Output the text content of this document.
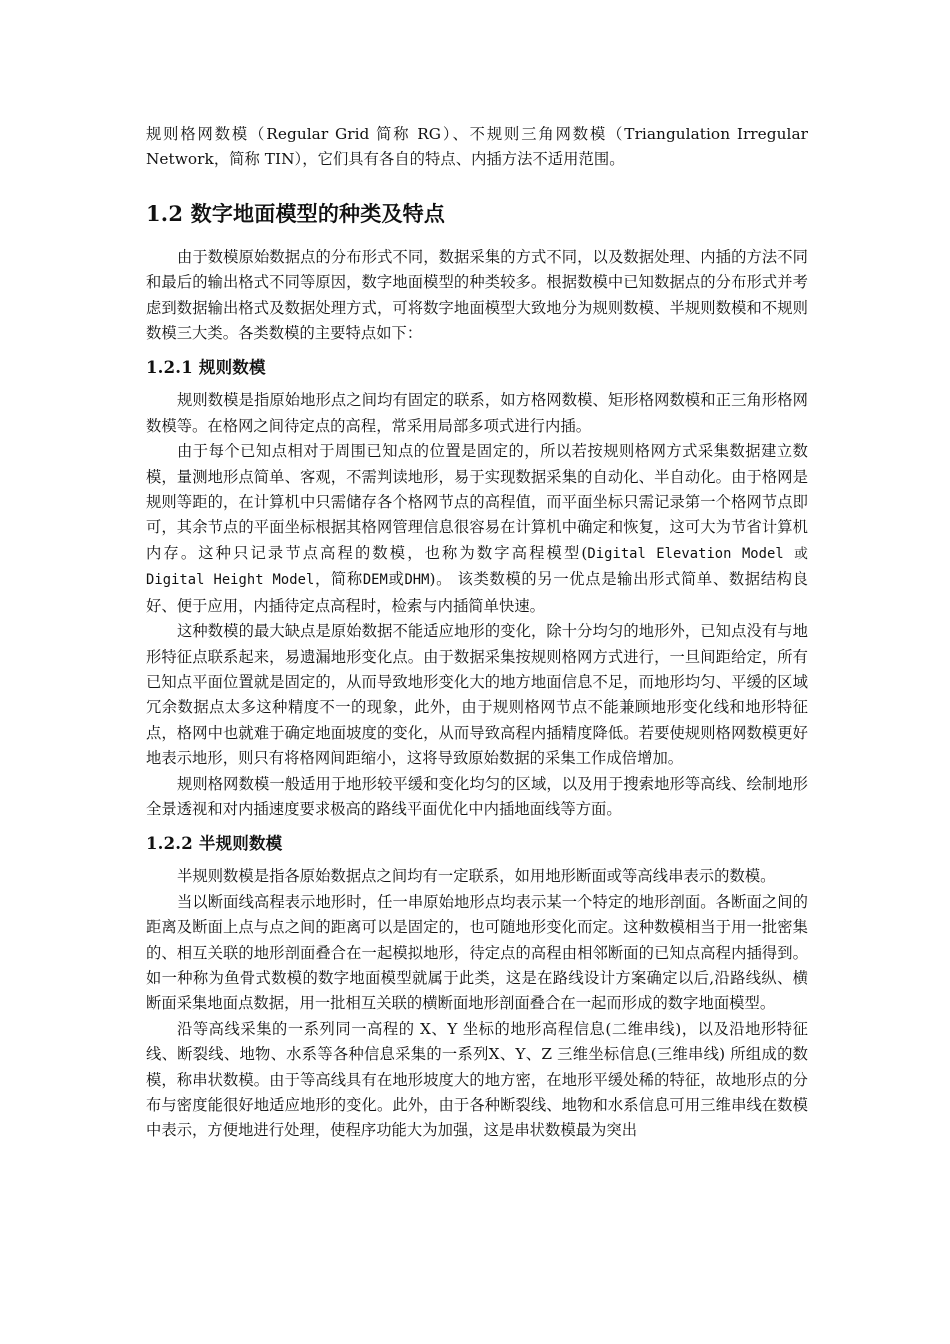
规则格网数模（Regular Grid 简称 RG）、不规则三角网数模（Triangulation Irregular Network，简称 TIN），它们具有各自的特点、内插方法不适用范围。

1.2 数字地面模型的种类及特点

由于数模原始数据点的分布形式不同，数据采集的方式不同，以及数据处理、内插的方法不同和最后的输出格式不同等原因，数字地面模型的种类较多。根据数模中已知数据点的分布形式并考虑到数据输出格式及数据处理方式，可将数字地面模型大致地分为规则数模、半规则数模和不规则数模三大类。各类数模的主要特点如下：

1.2.1 规则数模

规则数模是指原始地形点之间均有固定的联系，如方格网数模、矩形格网数模和正三角形格网数模等。在格网之间待定点的高程，常采用局部多项式进行内插。

由于每个已知点相对于周围已知点的位置是固定的，所以若按规则格网方式采集数据建立数模，量测地形点简单、客观，不需判读地形，易于实现数据采集的自动化、半自动化。由于格网是规则等距的，在计算机中只需储存各个格网节点的高程值，而平面坐标只需记录第一个格网节点即可，其余节点的平面坐标根据其格网管理信息很容易在计算机中确定和恢复，这可大为节省计算机内存。这种只记录节点高程的数模，也称为数字高程模型(Digital Elevation Model 或 Digital Height Model，简称DEM或DHM)。 该类数模的另一优点是输出形式简单、数据结构良好、便于应用，内插待定点高程时，检索与内插简单快速。

这种数模的最大缺点是原始数据不能适应地形的变化，除十分均匀的地形外，已知点没有与地形特征点联系起来，易遗漏地形变化点。由于数据采集按规则格网方式进行，一旦间距给定，所有已知点平面位置就是固定的，从而导致地形变化大的地方地面信息不足，而地形均匀、平缓的区域冗余数据点太多这种精度不一的现象，此外，由于规则格网节点不能兼顾地形变化线和地形特征点，格网中也就难于确定地面坡度的变化，从而导致高程内插精度降低。若要使规则格网数模更好地表示地形，则只有将格网间距缩小，这将导致原始数据的采集工作成倍增加。

规则格网数模一般适用于地形较平缓和变化均匀的区域，以及用于搜索地形等高线、绘制地形全景透视和对内插速度要求极高的路线平面优化中内插地面线等方面。

1.2.2 半规则数模

半规则数模是指各原始数据点之间均有一定联系，如用地形断面或等高线串表示的数模。

当以断面线高程表示地形时，任一串原始地形点均表示某一个特定的地形剖面。各断面之间的距离及断面上点与点之间的距离可以是固定的，也可随地形变化而定。这种数模相当于用一批密集的、相互关联的地形剖面叠合在一起模拟地形，待定点的高程由相邻断面的已知点高程内插得到。如一种称为鱼骨式数模的数字地面模型就属于此类，这是在路线设计方案确定以后,沿路线纵、横断面采集地面点数据，用一批相互关联的横断面地形剖面叠合在一起而形成的数字地面模型。

沿等高线采集的一系列同一高程的 X、Y 坐标的地形高程信息(二维串线)，以及沿地形特征线、断裂线、地物、水系等各种信息采集的一系列X、Y、Z 三维坐标信息(三维串线) 所组成的数模，称串状数模。由于等高线具有在地形坡度大的地方密，在地形平缓处稀的特征，故地形点的分布与密度能很好地适应地形的变化。此外，由于各种断裂线、地物和水系信息可用三维串线在数模中表示，方便地进行处理，使程序功能大为加强，这是串状数模最为突出
